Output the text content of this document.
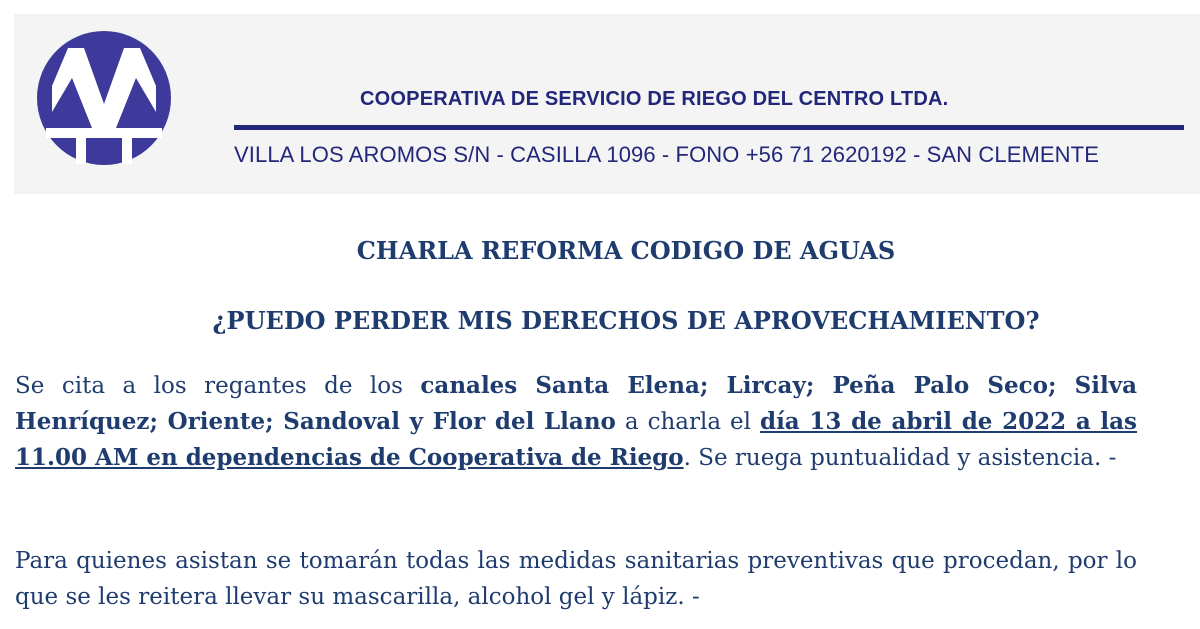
COOPERATIVA DE SERVICIO DE RIEGO DEL CENTRO LTDA.
VILLA LOS AROMOS S/N - CASILLA 1096 - FONO +56 71 2620192 - SAN CLEMENTE
CHARLA REFORMA CODIGO DE AGUAS
¿PUEDO PERDER MIS DERECHOS DE APROVECHAMIENTO?

Se cita a los regantes de los canales Santa Elena; Lircay; Peña Palo Seco; Silva Henríquez; Oriente; Sandoval y Flor del Llano a charla el día 13 de abril de 2022 a las 11.00 AM en dependencias de Cooperativa de Riego. Se ruega puntualidad y asistencia. -

Para quienes asistan se tomarán todas las medidas sanitarias preventivas que procedan, por lo que se les reitera llevar su mascarilla, alcohol gel y lápiz. -
